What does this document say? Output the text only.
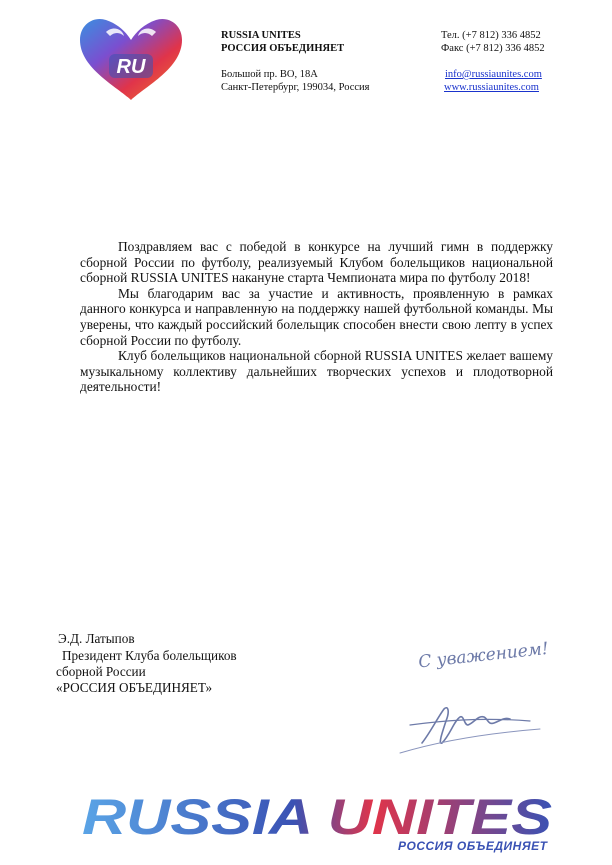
RU
RUSSIA UNITES
РОССИЯ ОБЪЕДИНЯЕТ
Большой пр. ВО, 18А
Санкт-Петербург, 199034, Россия
Тел. (+7 812) 336 4852
Факс (+7 812) 336 4852
info@russiaunites.com
www.russiaunites.com

Поздравляем вас с победой в конкурсе на лучший гимн в поддержку сборной России по футболу, реализуемый Клубом болельщиков национальной сборной RUSSIA UNITES накануне старта Чемпионата мира по футболу 2018!

Мы благодарим вас за участие и активность, проявленную в рамках данного конкурса и направленную на поддержку нашей футбольной команды. Мы уверены, что каждый российский болельщик способен внести свою лепту в успех сборной России по футболу.

Клуб болельщиков национальной сборной RUSSIA UNITES желает вашему музыкальному коллективу дальнейших творческих успехов и плодотворной деятельности!

Э.Д. Латыпов
Президент Клуба болельщиков
сборной России
«РОССИЯ ОБЪЕДИНЯЕТ»
С уважением!
RUSSIA UNITES
РОССИЯ ОБЪЕДИНЯЕТ
